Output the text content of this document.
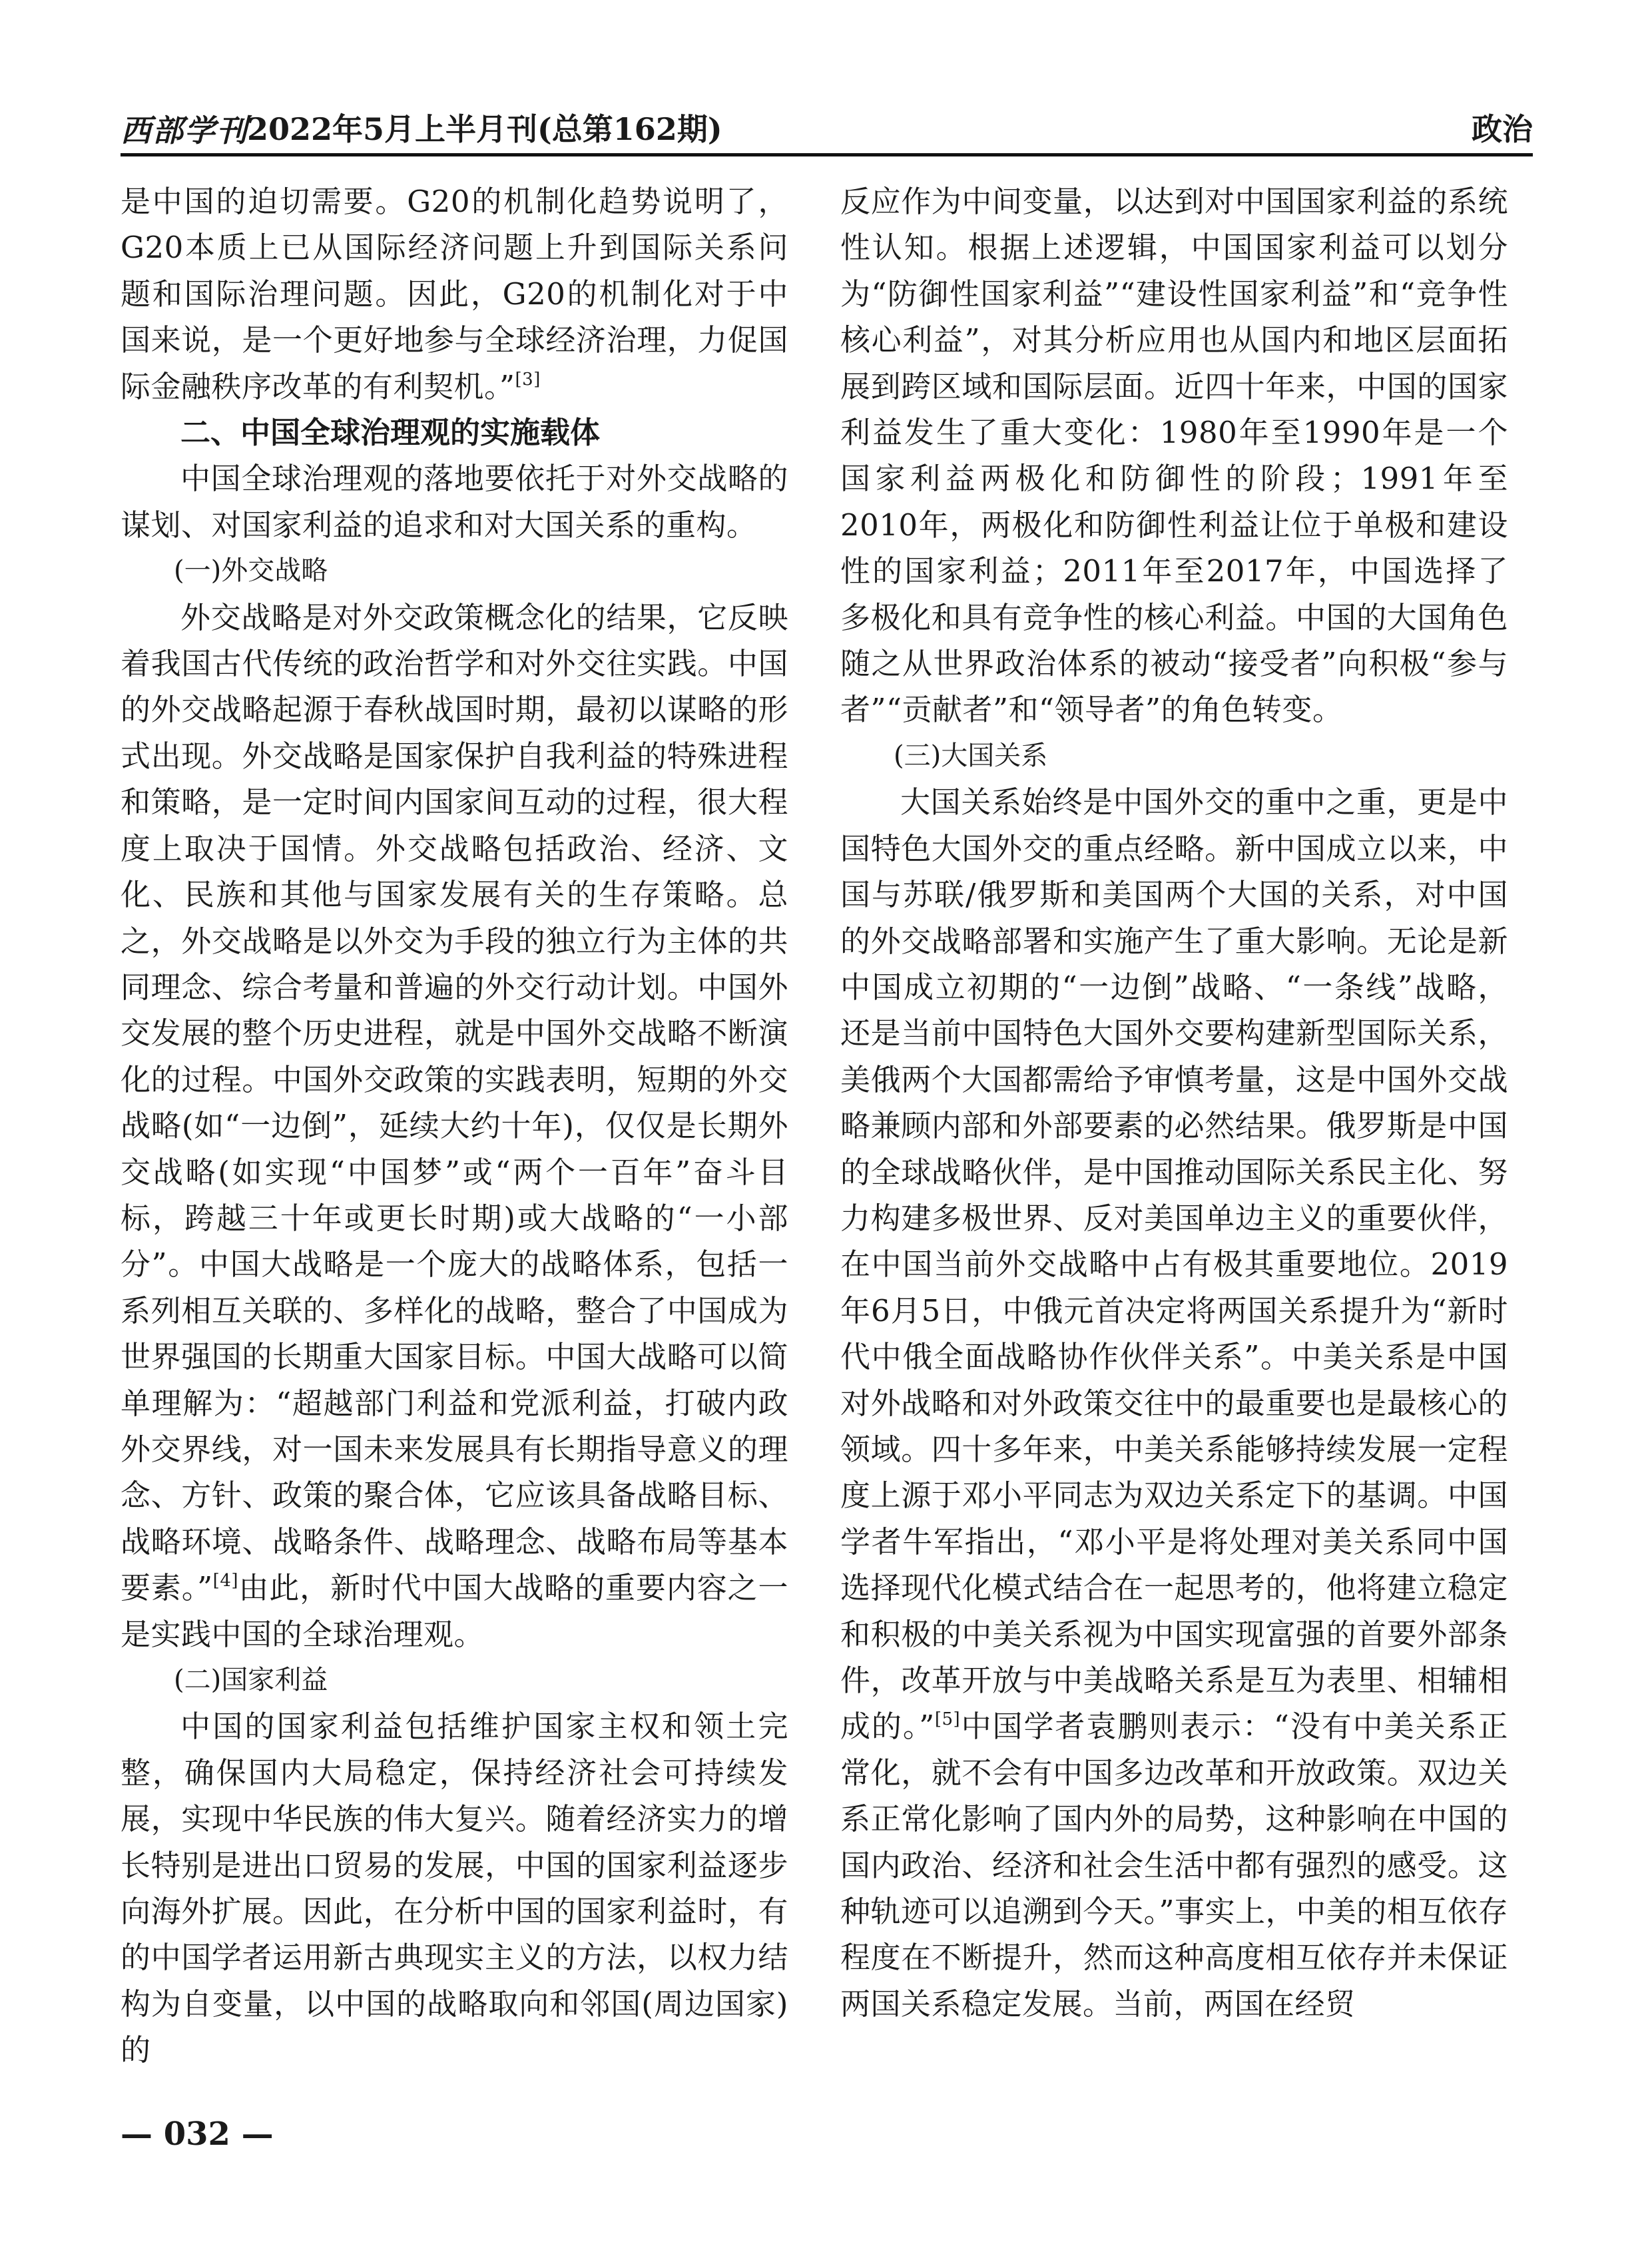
西部学刊
2022年5月上半月刊(总第162期)	政治

是中国的迫切需要。G20的机制化趋势说明了，G20本质上已从国际经济问题上升到国际关系问题和国际治理问题。因此，G20的机制化对于中国来说，是一个更好地参与全球经济治理，力促国际金融秩序改革的有利契机。”[3]

二、中国全球治理观的实施载体

中国全球治理观的落地要依托于对外交战略的谋划、对国家利益的追求和对大国关系的重构。

(一)外交战略

外交战略是对外交政策概念化的结果，它反映着我国古代传统的政治哲学和对外交往实践。中国的外交战略起源于春秋战国时期，最初以谋略的形式出现。外交战略是国家保护自我利益的特殊进程和策略，是一定时间内国家间互动的过程，很大程度上取决于国情。外交战略包括政治、经济、文化、民族和其他与国家发展有关的生存策略。总之，外交战略是以外交为手段的独立行为主体的共同理念、综合考量和普遍的外交行动计划。中国外交发展的整个历史进程，就是中国外交战略不断演化的过程。中国外交政策的实践表明，短期的外交战略(如“一边倒”，延续大约十年)，仅仅是长期外交战略(如实现“中国梦”或“两个一百年”奋斗目标，跨越三十年或更长时期)或大战略的“一小部分”。中国大战略是一个庞大的战略体系，包括一系列相互关联的、多样化的战略，整合了中国成为世界强国的长期重大国家目标。中国大战略可以简单理解为：“超越部门利益和党派利益，打破内政外交界线，对一国未来发展具有长期指导意义的理念、方针、政策的聚合体，它应该具备战略目标、战略环境、战略条件、战略理念、战略布局等基本要素。”[4]由此，新时代中国大战略的重要内容之一是实践中国的全球治理观。

(二)国家利益

中国的国家利益包括维护国家主权和领土完整，确保国内大局稳定，保持经济社会可持续发展，实现中华民族的伟大复兴。随着经济实力的增长特别是进出口贸易的发展，中国的国家利益逐步向海外扩展。因此，在分析中国的国家利益时，有的中国学者运用新古典现实主义的方法，以权力结构为自变量，以中国的战略取向和邻国(周边国家)的

反应作为中间变量，以达到对中国国家利益的系统性认知。根据上述逻辑，中国国家利益可以划分为“防御性国家利益”“建设性国家利益”和“竞争性核心利益”，对其分析应用也从国内和地区层面拓展到跨区域和国际层面。近四十年来，中国的国家利益发生了重大变化：1980年至1990年是一个国家利益两极化和防御性的阶段；1991年至2010年，两极化和防御性利益让位于单极和建设性的国家利益；2011年至2017年，中国选择了多极化和具有竞争性的核心利益。中国的大国角色随之从世界政治体系的被动“接受者”向积极“参与者”“贡献者”和“领导者”的角色转变。

(三)大国关系

大国关系始终是中国外交的重中之重，更是中国特色大国外交的重点经略。新中国成立以来，中国与苏联/俄罗斯和美国两个大国的关系，对中国的外交战略部署和实施产生了重大影响。无论是新中国成立初期的“一边倒”战略、“一条线”战略，还是当前中国特色大国外交要构建新型国际关系，美俄两个大国都需给予审慎考量，这是中国外交战略兼顾内部和外部要素的必然结果。俄罗斯是中国的全球战略伙伴，是中国推动国际关系民主化、努力构建多极世界、反对美国单边主义的重要伙伴，在中国当前外交战略中占有极其重要地位。2019年6月5日，中俄元首决定将两国关系提升为“新时代中俄全面战略协作伙伴关系”。中美关系是中国对外战略和对外政策交往中的最重要也是最核心的领域。四十多年来，中美关系能够持续发展一定程度上源于邓小平同志为双边关系定下的基调。中国学者牛军指出，“邓小平是将处理对美关系同中国选择现代化模式结合在一起思考的，他将建立稳定和积极的中美关系视为中国实现富强的首要外部条件，改革开放与中美战略关系是互为表里、相辅相成的。”[5]中国学者袁鹏则表示：“没有中美关系正常化，就不会有中国多边改革和开放政策。双边关系正常化影响了国内外的局势，这种影响在中国的国内政治、经济和社会生活中都有强烈的感受。这种轨迹可以追溯到今天。”事实上，中美的相互依存程度在不断提升，然而这种高度相互依存并未保证两国关系稳定发展。当前，两国在经贸

— 032 —
